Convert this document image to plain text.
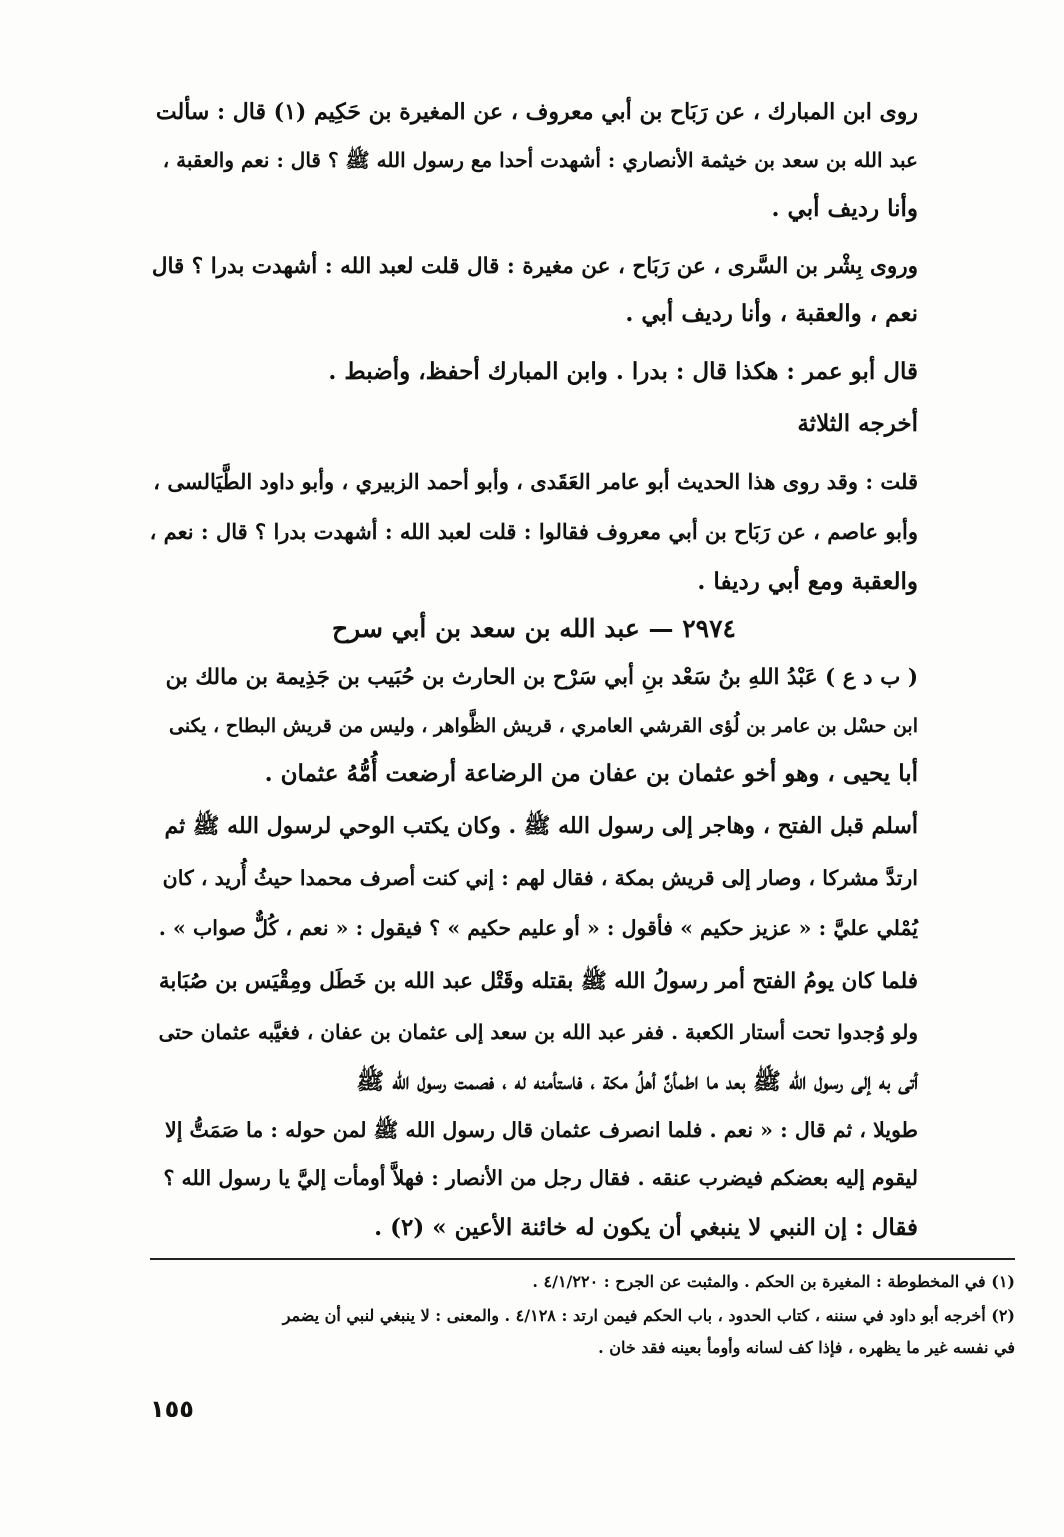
روى ابن المبارك ، عن رَبَاح بن أبي معروف ، عن المغيرة بن حَكِيم (١) قال : سألت
عبد الله بن سعد بن خيثمة الأنصاري : أشهدت أحدا مع رسول الله ﷺ ؟ قال : نعم والعقبة ،
وأنا رديف أبي .
وروى بِشْر بن السَّرى ، عن رَبَاح ، عن مغيرة : قال قلت لعبد الله : أشهدت بدرا ؟ قال
نعم ، والعقبة ، وأنا رديف أبي .
قال أبو عمر : هكذا قال : بدرا . وابن المبارك أحفظ، وأضبط .
أخرجه الثلاثة
قلت : وقد روى هذا الحديث أبو عامر العَقَدى ، وأبو أحمد الزبيري ، وأبو داود الطَّيَالسى ،
وأبو عاصم ، عن رَبَاح بن أبي معروف فقالوا : قلت لعبد الله : أشهدت بدرا ؟ قال : نعم ،
والعقبة ومع أبي رديفا .
٢٩٧٤ — عبد الله بن سعد بن أبي سرح
( ب د ع ) عَبْدُ اللهِ بنُ سَعْد بنِ أبي سَرْح بن الحارث بن حُبَيب بن جَذِيمة بن مالك بن
ابن حسْل بن عامر بن لُؤى القرشي العامري ، قريش الظَّواهر ، وليس من قريش البطاح ، يكنى
أبا يحيى ، وهو أخو عثمان بن عفان من الرضاعة أرضعت أُمُّهُ عثمان .
أسلم قبل الفتح ، وهاجر إلى رسول الله ﷺ . وكان يكتب الوحي لرسول الله ﷺ ثم
ارتدَّ مشركا ، وصار إلى قريش بمكة ، فقال لهم : إني كنت أصرف محمدا حيثُ أُريد ، كان
يُمْلي عليَّ : « عزيز حكيم » فأقول : « أو عليم حكيم » ؟ فيقول : « نعم ، كُلٌّ صواب » .
فلما كان يومُ الفتح أمر رسولُ الله ﷺ بقتله وقَتْل عبد الله بن خَطَل ومِقْيَس بن صُبَابة
ولو وُجدوا تحت أستار الكعبة . ففر عبد الله بن سعد إلى عثمان بن عفان ، فغيَّبه عثمان حتى
أتى به إلى رسول الله ﷺ بعد ما اطمأنَّ أهلُ مكة ، فاستأمنه له ، فصمت رسول الله ﷺ
طويلا ، ثم قال : « نعم . فلما انصرف عثمان قال رسول الله ﷺ لمن حوله : ما صَمَتُّ إلا
ليقوم إليه بعضكم فيضرب عنقه . فقال رجل من الأنصار : فهلاَّ أومأت إليَّ يا رسول الله ؟
فقال : إن النبي لا ينبغي أن يكون له خائنة الأعين » (٢) .
(١) في المخطوطة : المغيرة بن الحكم . والمثبت عن الجرح : ٤/١/٢٢٠ .
(٢) أخرجه أبو داود في سننه ، كتاب الحدود ، باب الحكم فيمن ارتد : ٤/١٢٨ . والمعنى : لا ينبغي لنبي أن يضمر
في نفسه غير ما يظهره ، فإذا كف لسانه وأومأ بعينه فقد خان .
١٥٥
